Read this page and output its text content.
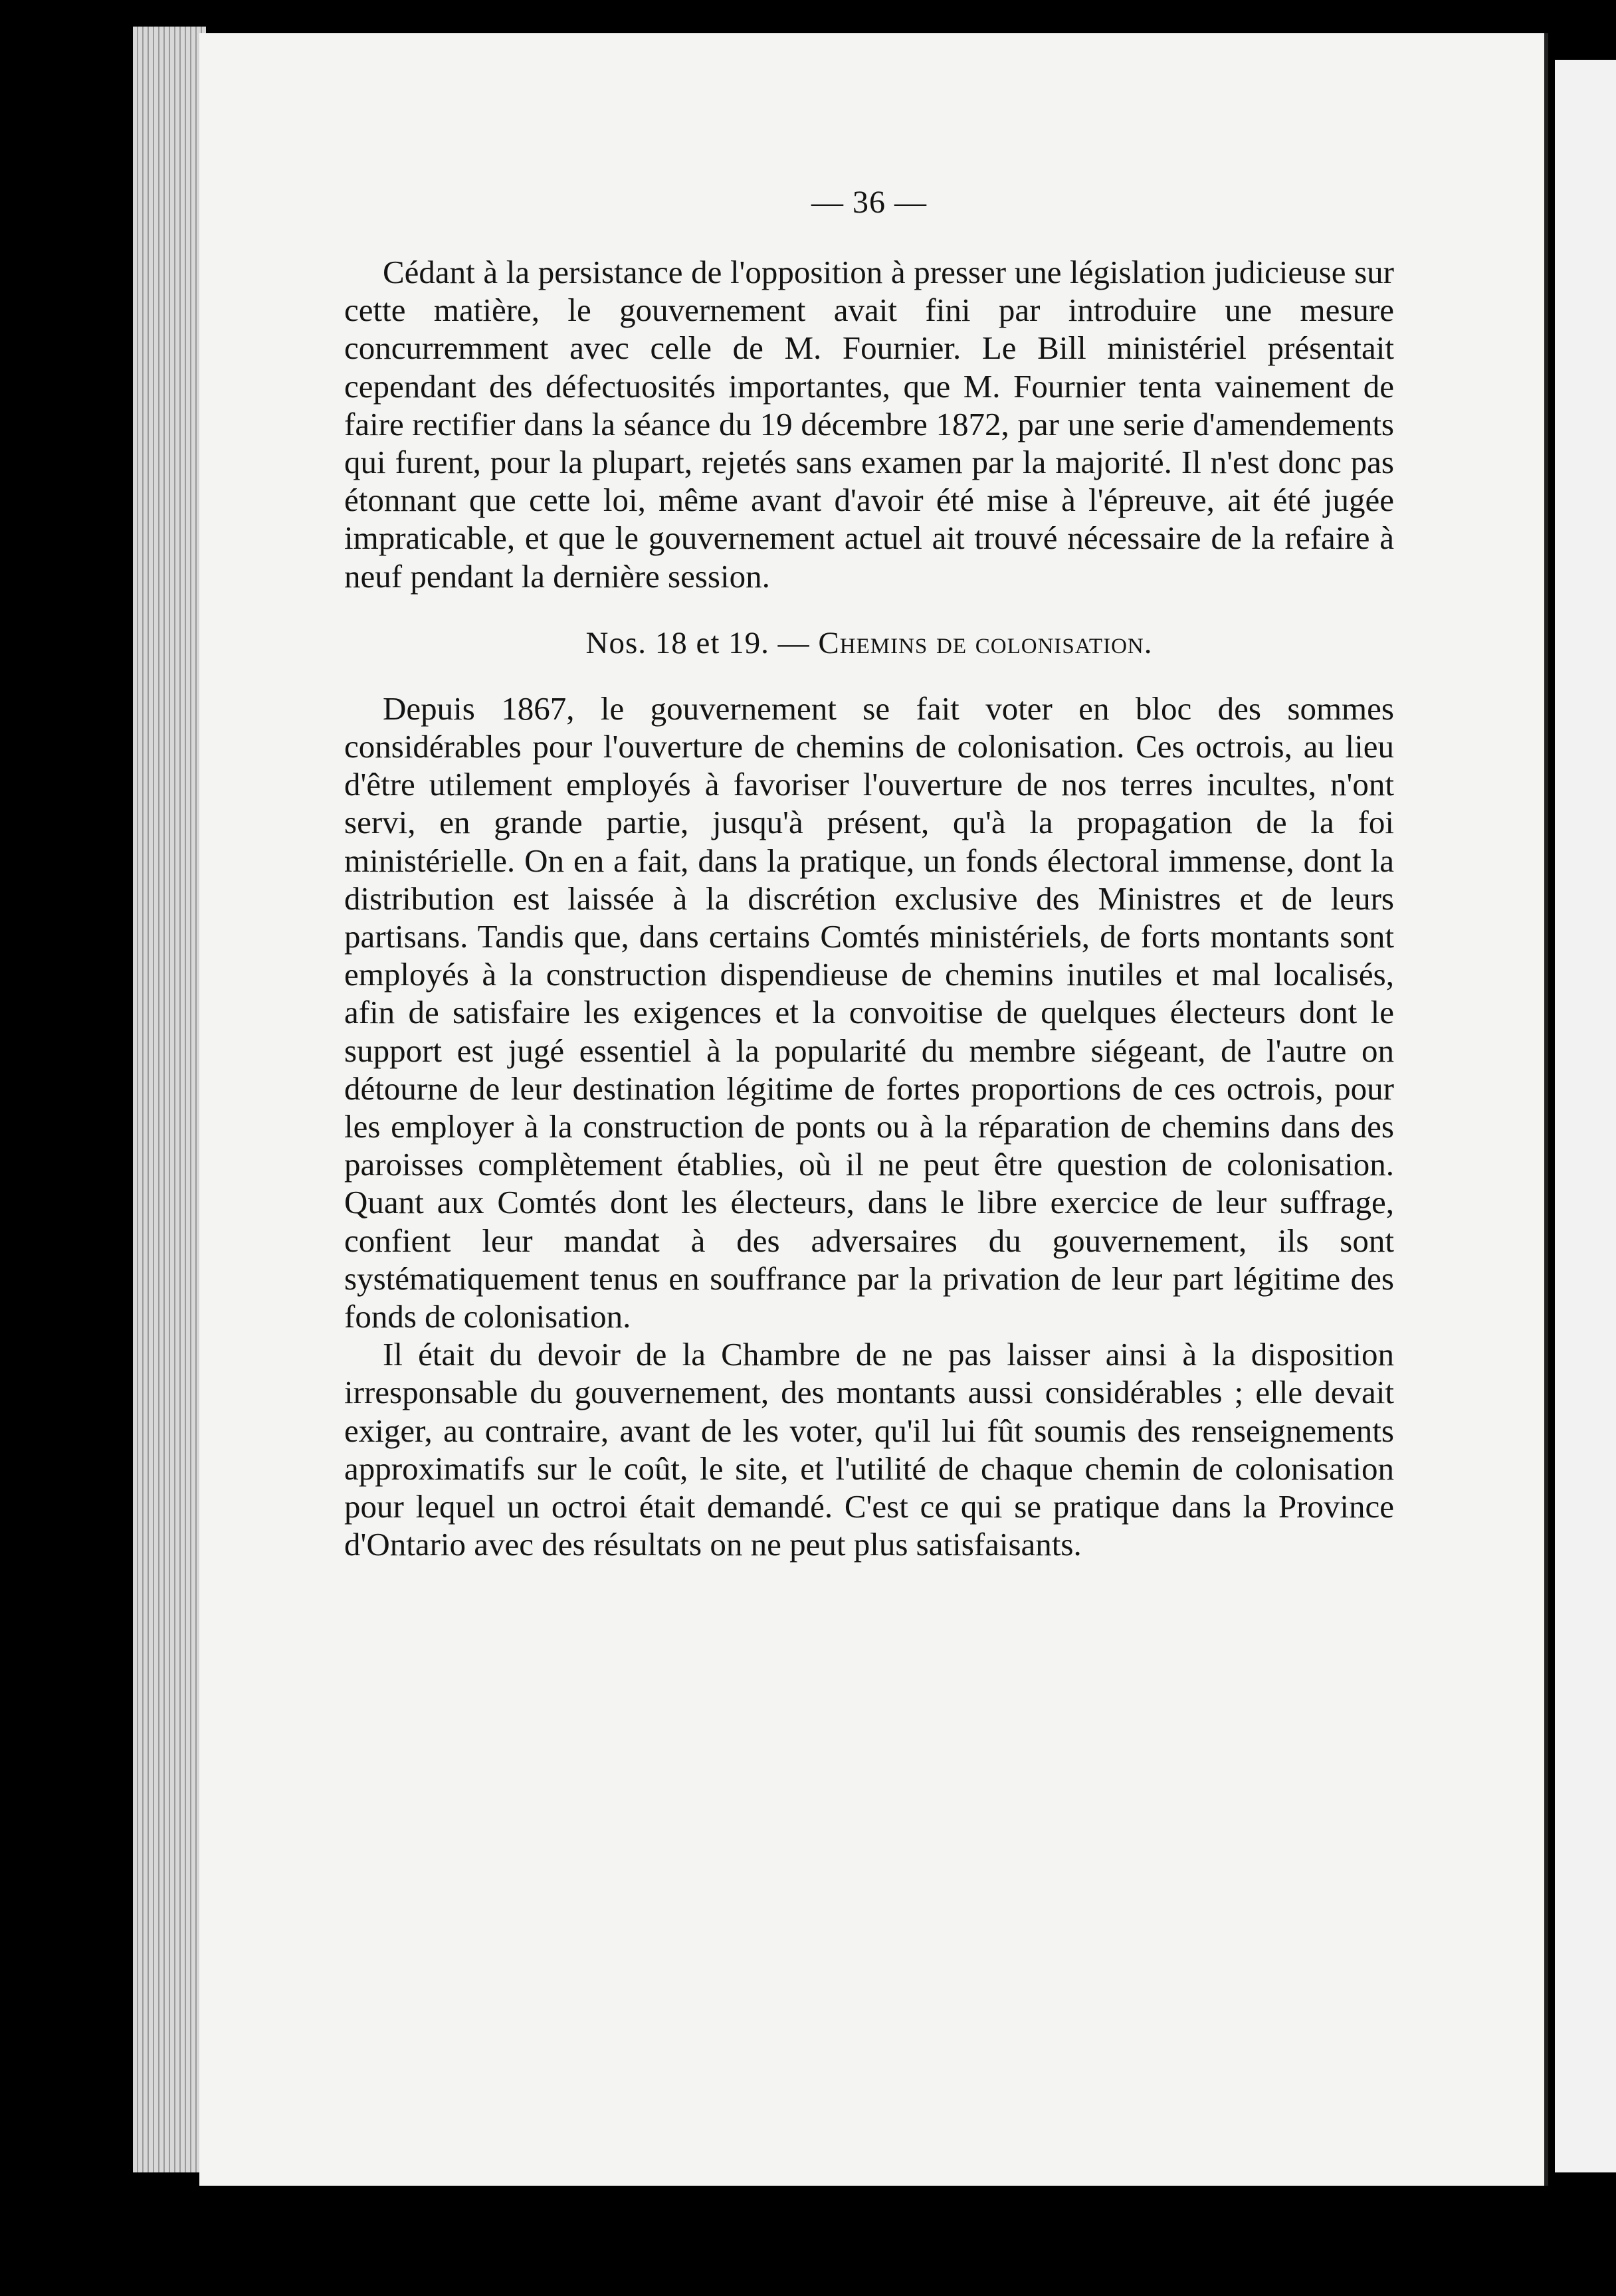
— 36 —

Cédant à la persistance de l'opposition à presser une législation judicieuse sur cette matière, le gouvernement avait fini par introduire une mesure concurremment avec celle de M. Fournier. Le Bill ministériel présentait cependant des défectuosités importantes, que M. Fournier tenta vainement de faire rectifier dans la séance du 19 décembre 1872, par une serie d'amendements qui furent, pour la plupart, rejetés sans examen par la majorité. Il n'est donc pas étonnant que cette loi, même avant d'avoir été mise à l'épreuve, ait été jugée impraticable, et que le gouvernement actuel ait trouvé nécessaire de la refaire à neuf pendant la dernière session.

Nos. 18 et 19. — Chemins de colonisation.

Depuis 1867, le gouvernement se fait voter en bloc des sommes considérables pour l'ouverture de chemins de colonisation. Ces octrois, au lieu d'être utilement employés à favoriser l'ouverture de nos terres incultes, n'ont servi, en grande partie, jusqu'à présent, qu'à la propagation de la foi ministérielle. On en a fait, dans la pratique, un fonds électoral immense, dont la distribution est laissée à la discrétion exclusive des Ministres et de leurs partisans. Tandis que, dans certains Comtés ministériels, de forts montants sont employés à la construction dispendieuse de chemins inutiles et mal localisés, afin de satisfaire les exigences et la convoitise de quelques électeurs dont le support est jugé essentiel à la popularité du membre siégeant, de l'autre on détourne de leur destination légitime de fortes proportions de ces octrois, pour les employer à la construction de ponts ou à la réparation de chemins dans des paroisses complètement établies, où il ne peut être question de colonisation. Quant aux Comtés dont les électeurs, dans le libre exercice de leur suffrage, confient leur mandat à des adversaires du gouvernement, ils sont systématiquement tenus en souffrance par la privation de leur part légitime des fonds de colonisation.

Il était du devoir de la Chambre de ne pas laisser ainsi à la disposition irresponsable du gouvernement, des montants aussi considérables ; elle devait exiger, au contraire, avant de les voter, qu'il lui fût soumis des renseignements approximatifs sur le coût, le site, et l'utilité de chaque chemin de colonisation pour lequel un octroi était demandé. C'est ce qui se pratique dans la Province d'Ontario avec des résultats on ne peut plus satisfaisants.
